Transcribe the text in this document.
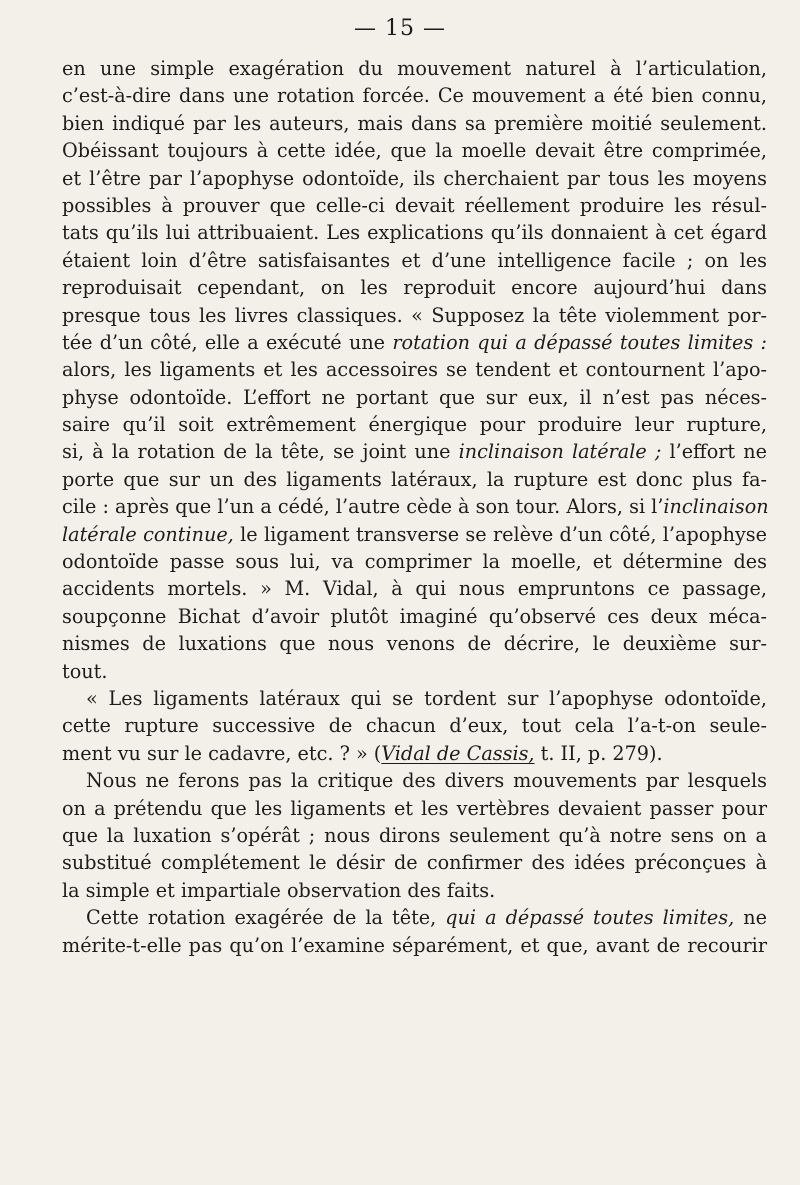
— 15 —
en une simple exagération du mouvement naturel à l’articulation,
c’est-à-dire dans une rotation forcée. Ce mouvement a été bien connu,
bien indiqué par les auteurs, mais dans sa première moitié seulement.
Obéissant toujours à cette idée, que la moelle devait être comprimée,
et l’être par l’apophyse odontoïde, ils cherchaient par tous les moyens
possibles à prouver que celle-ci devait réellement produire les résul-
tats qu’ils lui attribuaient. Les explications qu’ils donnaient à cet égard
étaient loin d’être satisfaisantes et d’une intelligence facile ; on les
reproduisait cependant, on les reproduit encore aujourd’hui dans
presque tous les livres classiques. « Supposez la tête violemment por-
tée d’un côté, elle a exécuté une rotation qui a dépassé toutes limites :
alors, les ligaments et les accessoires se tendent et contournent l’apo-
physe odontoïde. L’effort ne portant que sur eux, il n’est pas néces-
saire qu’il soit extrêmement énergique pour produire leur rupture,
si, à la rotation de la tête, se joint une inclinaison latérale ; l’effort ne
porte que sur un des ligaments latéraux, la rupture est donc plus fa-
cile : après que l’un a cédé, l’autre cède à son tour. Alors, si l’inclinaison
latérale continue, le ligament transverse se relève d’un côté, l’apophyse
odontoïde passe sous lui, va comprimer la moelle, et détermine des
accidents mortels. » M. Vidal, à qui nous empruntons ce passage,
soupçonne Bichat d’avoir plutôt imaginé qu’observé ces deux méca-
nismes de luxations que nous venons de décrire, le deuxième sur-
tout.
« Les ligaments latéraux qui se tordent sur l’apophyse odontoïde,
cette rupture successive de chacun d’eux, tout cela l’a-t-on seule-
ment vu sur le cadavre, etc. ? » (Vidal de Cassis, t. II, p. 279).
Nous ne ferons pas la critique des divers mouvements par lesquels
on a prétendu que les ligaments et les vertèbres devaient passer pour
que la luxation s’opérât ; nous dirons seulement qu’à notre sens on a
substitué complétement le désir de confirmer des idées préconçues à
la simple et impartiale observation des faits.
Cette rotation exagérée de la tête, qui a dépassé toutes limites, ne
mérite-t-elle pas qu’on l’examine séparément, et que, avant de recourir
